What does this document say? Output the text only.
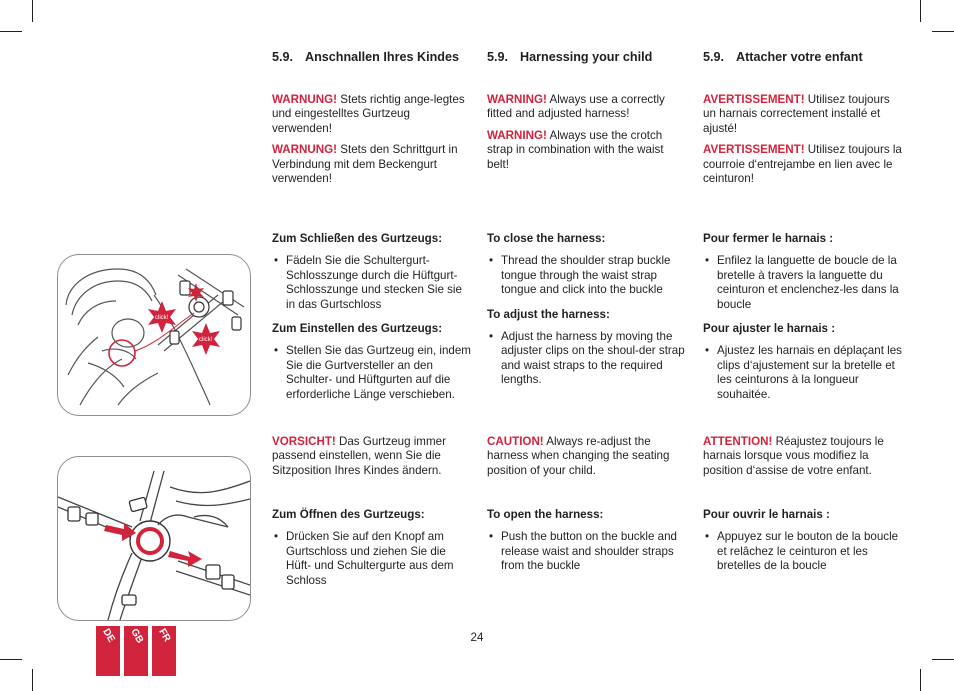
click!
click!
5.9. Anschnallen Ihres Kindes

WARNUNG! Stets richtig ange-legtes und eingestelltes Gurtzeug verwenden!

WARNUNG! Stets den Schrittgurt in Verbindung mit dem Beckengurt verwenden!

Zum Schließen des Gurtzeugs:
• Fädeln Sie die Schultergurt-Schlosszunge durch die Hüftgurt-Schlosszunge und stecken Sie sie in das Gurtschloss
Zum Einstellen des Gurtzeugs:
• Stellen Sie das Gurtzeug ein, indem Sie die Gurtversteller an den Schulter- und Hüftgurten auf die erforderliche Länge verschieben.

VORSICHT! Das Gurtzeug immer passend einstellen, wenn Sie die Sitzposition Ihres Kindes ändern.

Zum Öffnen des Gurtzeugs:
• Drücken Sie auf den Knopf am Gurtschloss und ziehen Sie die Hüft- und Schultergurte aus dem Schloss
5.9. Harnessing your child

WARNING! Always use a correctly fitted and adjusted harness!

WARNING! Always use the crotch strap in combination with the waist belt!

To close the harness:
• Thread the shoulder strap buckle tongue through the waist strap tongue and click into the buckle
To adjust the harness:
• Adjust the harness by moving the adjuster clips on the shoul-der strap and waist straps to the required lengths.

CAUTION! Always re-adjust the harness when changing the seating position of your child.

To open the harness:
• Push the button on the buckle and release waist and shoulder straps from the buckle
5.9. Attacher votre enfant

AVERTISSEMENT! Utilisez toujours un harnais correctement installé et ajusté!

AVERTISSEMENT! Utilisez toujours la courroie d‘entrejambe en lien avec le ceinturon!

Pour fermer le harnais :
• Enfilez la languette de boucle de la bretelle à travers la languette du ceinturon et enclenchez-les dans la boucle
Pour ajuster le harnais :
• Ajustez les harnais en déplaçant les clips d‘ajustement sur la bretelle et les ceinturons à la longueur souhaitée.

ATTENTION! Réajustez toujours le harnais lorsque vous modifiez la position d‘assise de votre enfant.

Pour ouvrir le harnais :
• Appuyez sur le bouton de la boucle et relâchez le ceinturon et les bretelles de la boucle
24
DE GB FR
